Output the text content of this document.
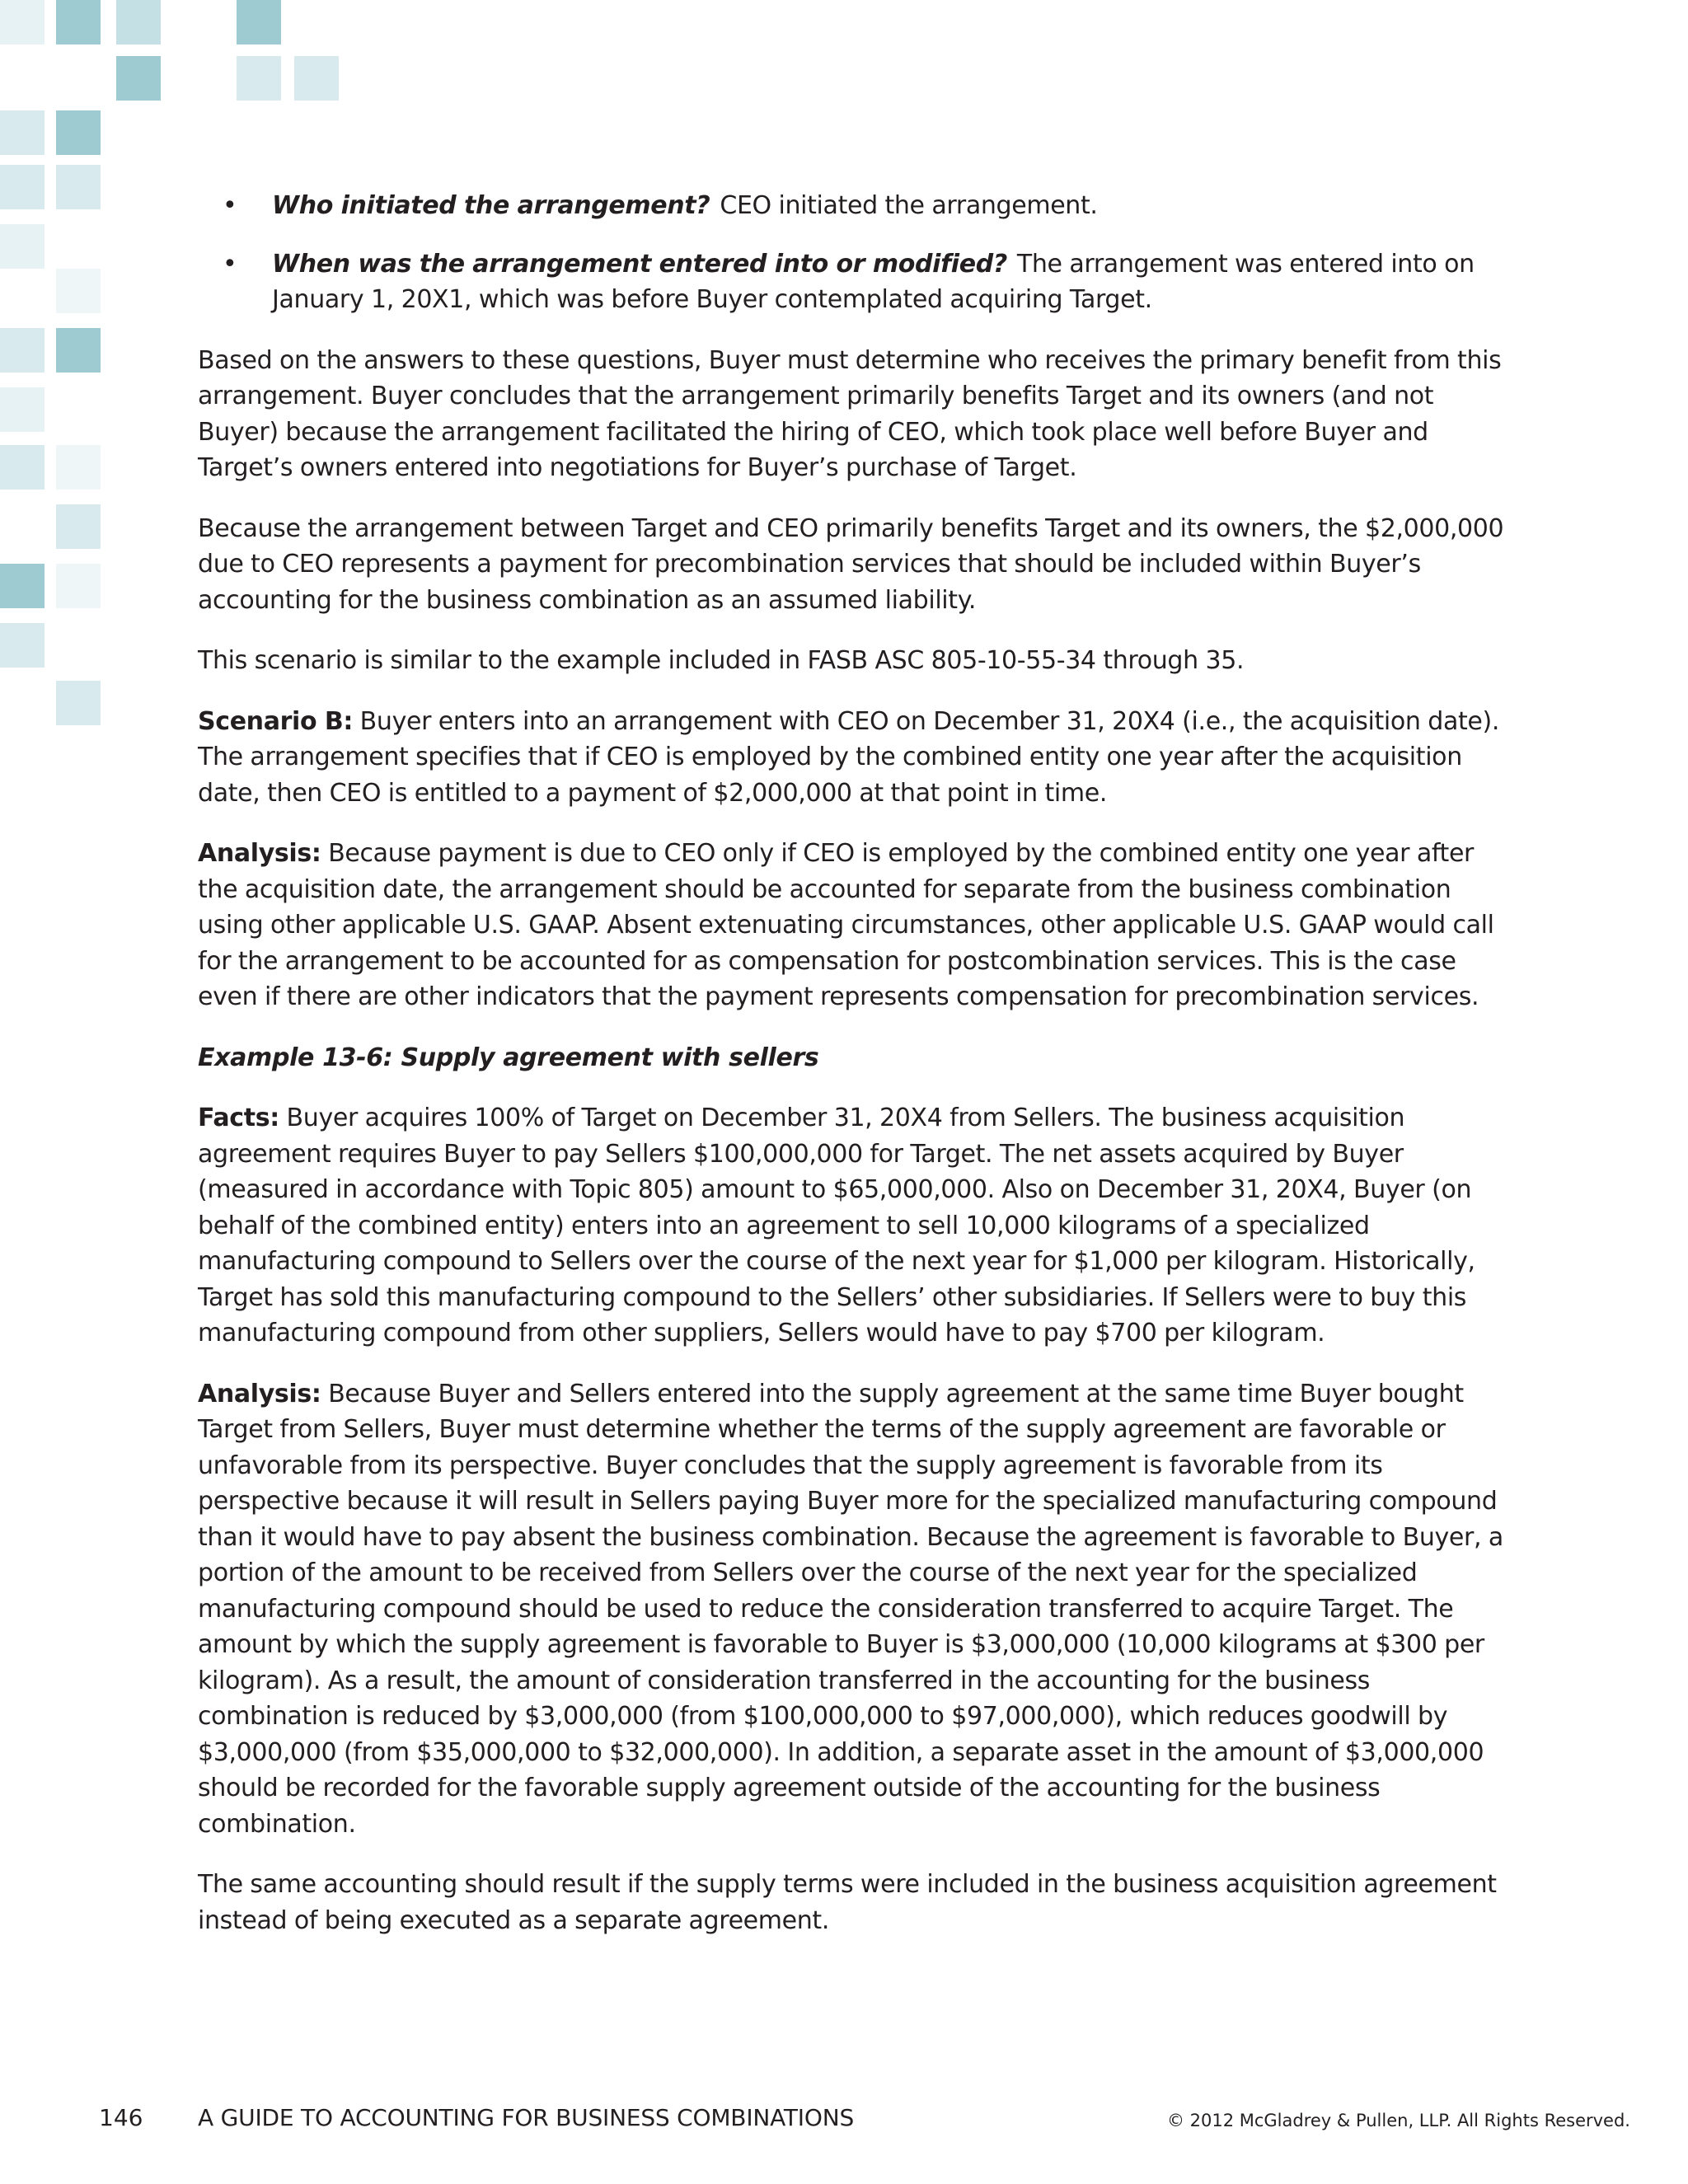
• Who initiated the arrangement? CEO initiated the arrangement.
• When was the arrangement entered into or modified? The arrangement was entered into on January 1, 20X1, which was before Buyer contemplated acquiring Target.

Based on the answers to these questions, Buyer must determine who receives the primary benefit from this arrangement. Buyer concludes that the arrangement primarily benefits Target and its owners (and not Buyer) because the arrangement facilitated the hiring of CEO, which took place well before Buyer and Target’s owners entered into negotiations for Buyer’s purchase of Target.

Because the arrangement between Target and CEO primarily benefits Target and its owners, the $2,000,000 due to CEO represents a payment for precombination services that should be included within Buyer’s accounting for the business combination as an assumed liability.

This scenario is similar to the example included in FASB ASC 805-10-55-34 through 35.

Scenario B: Buyer enters into an arrangement with CEO on December 31, 20X4 (i.e., the acquisition date). The arrangement specifies that if CEO is employed by the combined entity one year after the acquisition date, then CEO is entitled to a payment of $2,000,000 at that point in time.

Analysis: Because payment is due to CEO only if CEO is employed by the combined entity one year after the acquisition date, the arrangement should be accounted for separate from the business combination using other applicable U.S. GAAP. Absent extenuating circumstances, other applicable U.S. GAAP would call for the arrangement to be accounted for as compensation for postcombination services. This is the case even if there are other indicators that the payment represents compensation for precombination services.

Example 13-6: Supply agreement with sellers

Facts: Buyer acquires 100% of Target on December 31, 20X4 from Sellers. The business acquisition agreement requires Buyer to pay Sellers $100,000,000 for Target. The net assets acquired by Buyer (measured in accordance with Topic 805) amount to $65,000,000. Also on December 31, 20X4, Buyer (on behalf of the combined entity) enters into an agreement to sell 10,000 kilograms of a specialized manufacturing compound to Sellers over the course of the next year for $1,000 per kilogram. Historically, Target has sold this manufacturing compound to the Sellers’ other subsidiaries. If Sellers were to buy this manufacturing compound from other suppliers, Sellers would have to pay $700 per kilogram.

Analysis: Because Buyer and Sellers entered into the supply agreement at the same time Buyer bought Target from Sellers, Buyer must determine whether the terms of the supply agreement are favorable or unfavorable from its perspective. Buyer concludes that the supply agreement is favorable from its perspective because it will result in Sellers paying Buyer more for the specialized manufacturing compound than it would have to pay absent the business combination. Because the agreement is favorable to Buyer, a portion of the amount to be received from Sellers over the course of the next year for the specialized manufacturing compound should be used to reduce the consideration transferred to acquire Target. The amount by which the supply agreement is favorable to Buyer is $3,000,000 (10,000 kilograms at $300 per kilogram). As a result, the amount of consideration transferred in the accounting for the business combination is reduced by $3,000,000 (from $100,000,000 to $97,000,000), which reduces goodwill by $3,000,000 (from $35,000,000 to $32,000,000). In addition, a separate asset in the amount of $3,000,000 should be recorded for the favorable supply agreement outside of the accounting for the business combination.

The same accounting should result if the supply terms were included in the business acquisition agreement instead of being executed as a separate agreement.

146 A GUIDE TO ACCOUNTING FOR BUSINESS COMBINATIONS	© 2012 McGladrey & Pullen, LLP. All Rights Reserved.
